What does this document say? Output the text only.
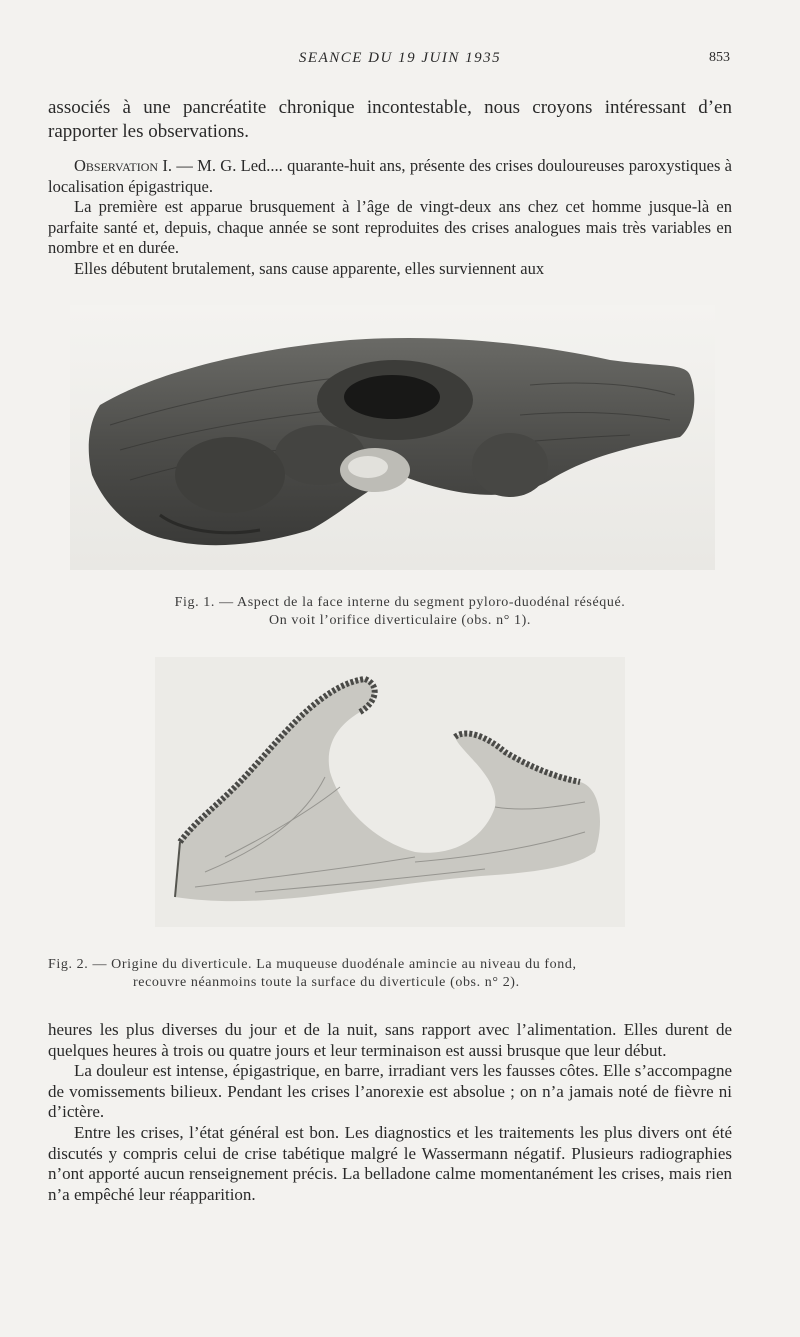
SEANCE DU 19 JUIN 1935	853
associés à une pancréatite chronique incontestable, nous croyons intéressant d’en rapporter les observations.
Observation I. — M. G. Led.... quarante-huit ans, présente des crises douloureuses paroxystiques à localisation épigastrique.
La première est apparue brusquement à l’âge de vingt-deux ans chez cet homme jusque-là en parfaite santé et, depuis, chaque année se sont reproduites des crises analogues mais très variables en nombre et en durée.
Elles débutent brutalement, sans cause apparente, elles surviennent aux
Fig. 1. — Aspect de la face interne du segment pyloro-duodénal réséqué.
On voit l’orifice diverticulaire (obs. n° 1).
Fig. 2. — Origine du diverticule. La muqueuse duodénale amincie au niveau du fond,
recouvre néanmoins toute la surface du diverticule (obs. n° 2).
heures les plus diverses du jour et de la nuit, sans rapport avec l’alimentation. Elles durent de quelques heures à trois ou quatre jours et leur terminaison est aussi brusque que leur début.
La douleur est intense, épigastrique, en barre, irradiant vers les fausses côtes. Elle s’accompagne de vomissements bilieux. Pendant les crises l’anorexie est absolue ; on n’a jamais noté de fièvre ni d’ictère.
Entre les crises, l’état général est bon. Les diagnostics et les traitements les plus divers ont été discutés y compris celui de crise tabétique malgré le Wassermann négatif. Plusieurs radiographies n’ont apporté aucun renseignement précis. La belladone calme momentanément les crises, mais rien n’a empêché leur réapparition.
